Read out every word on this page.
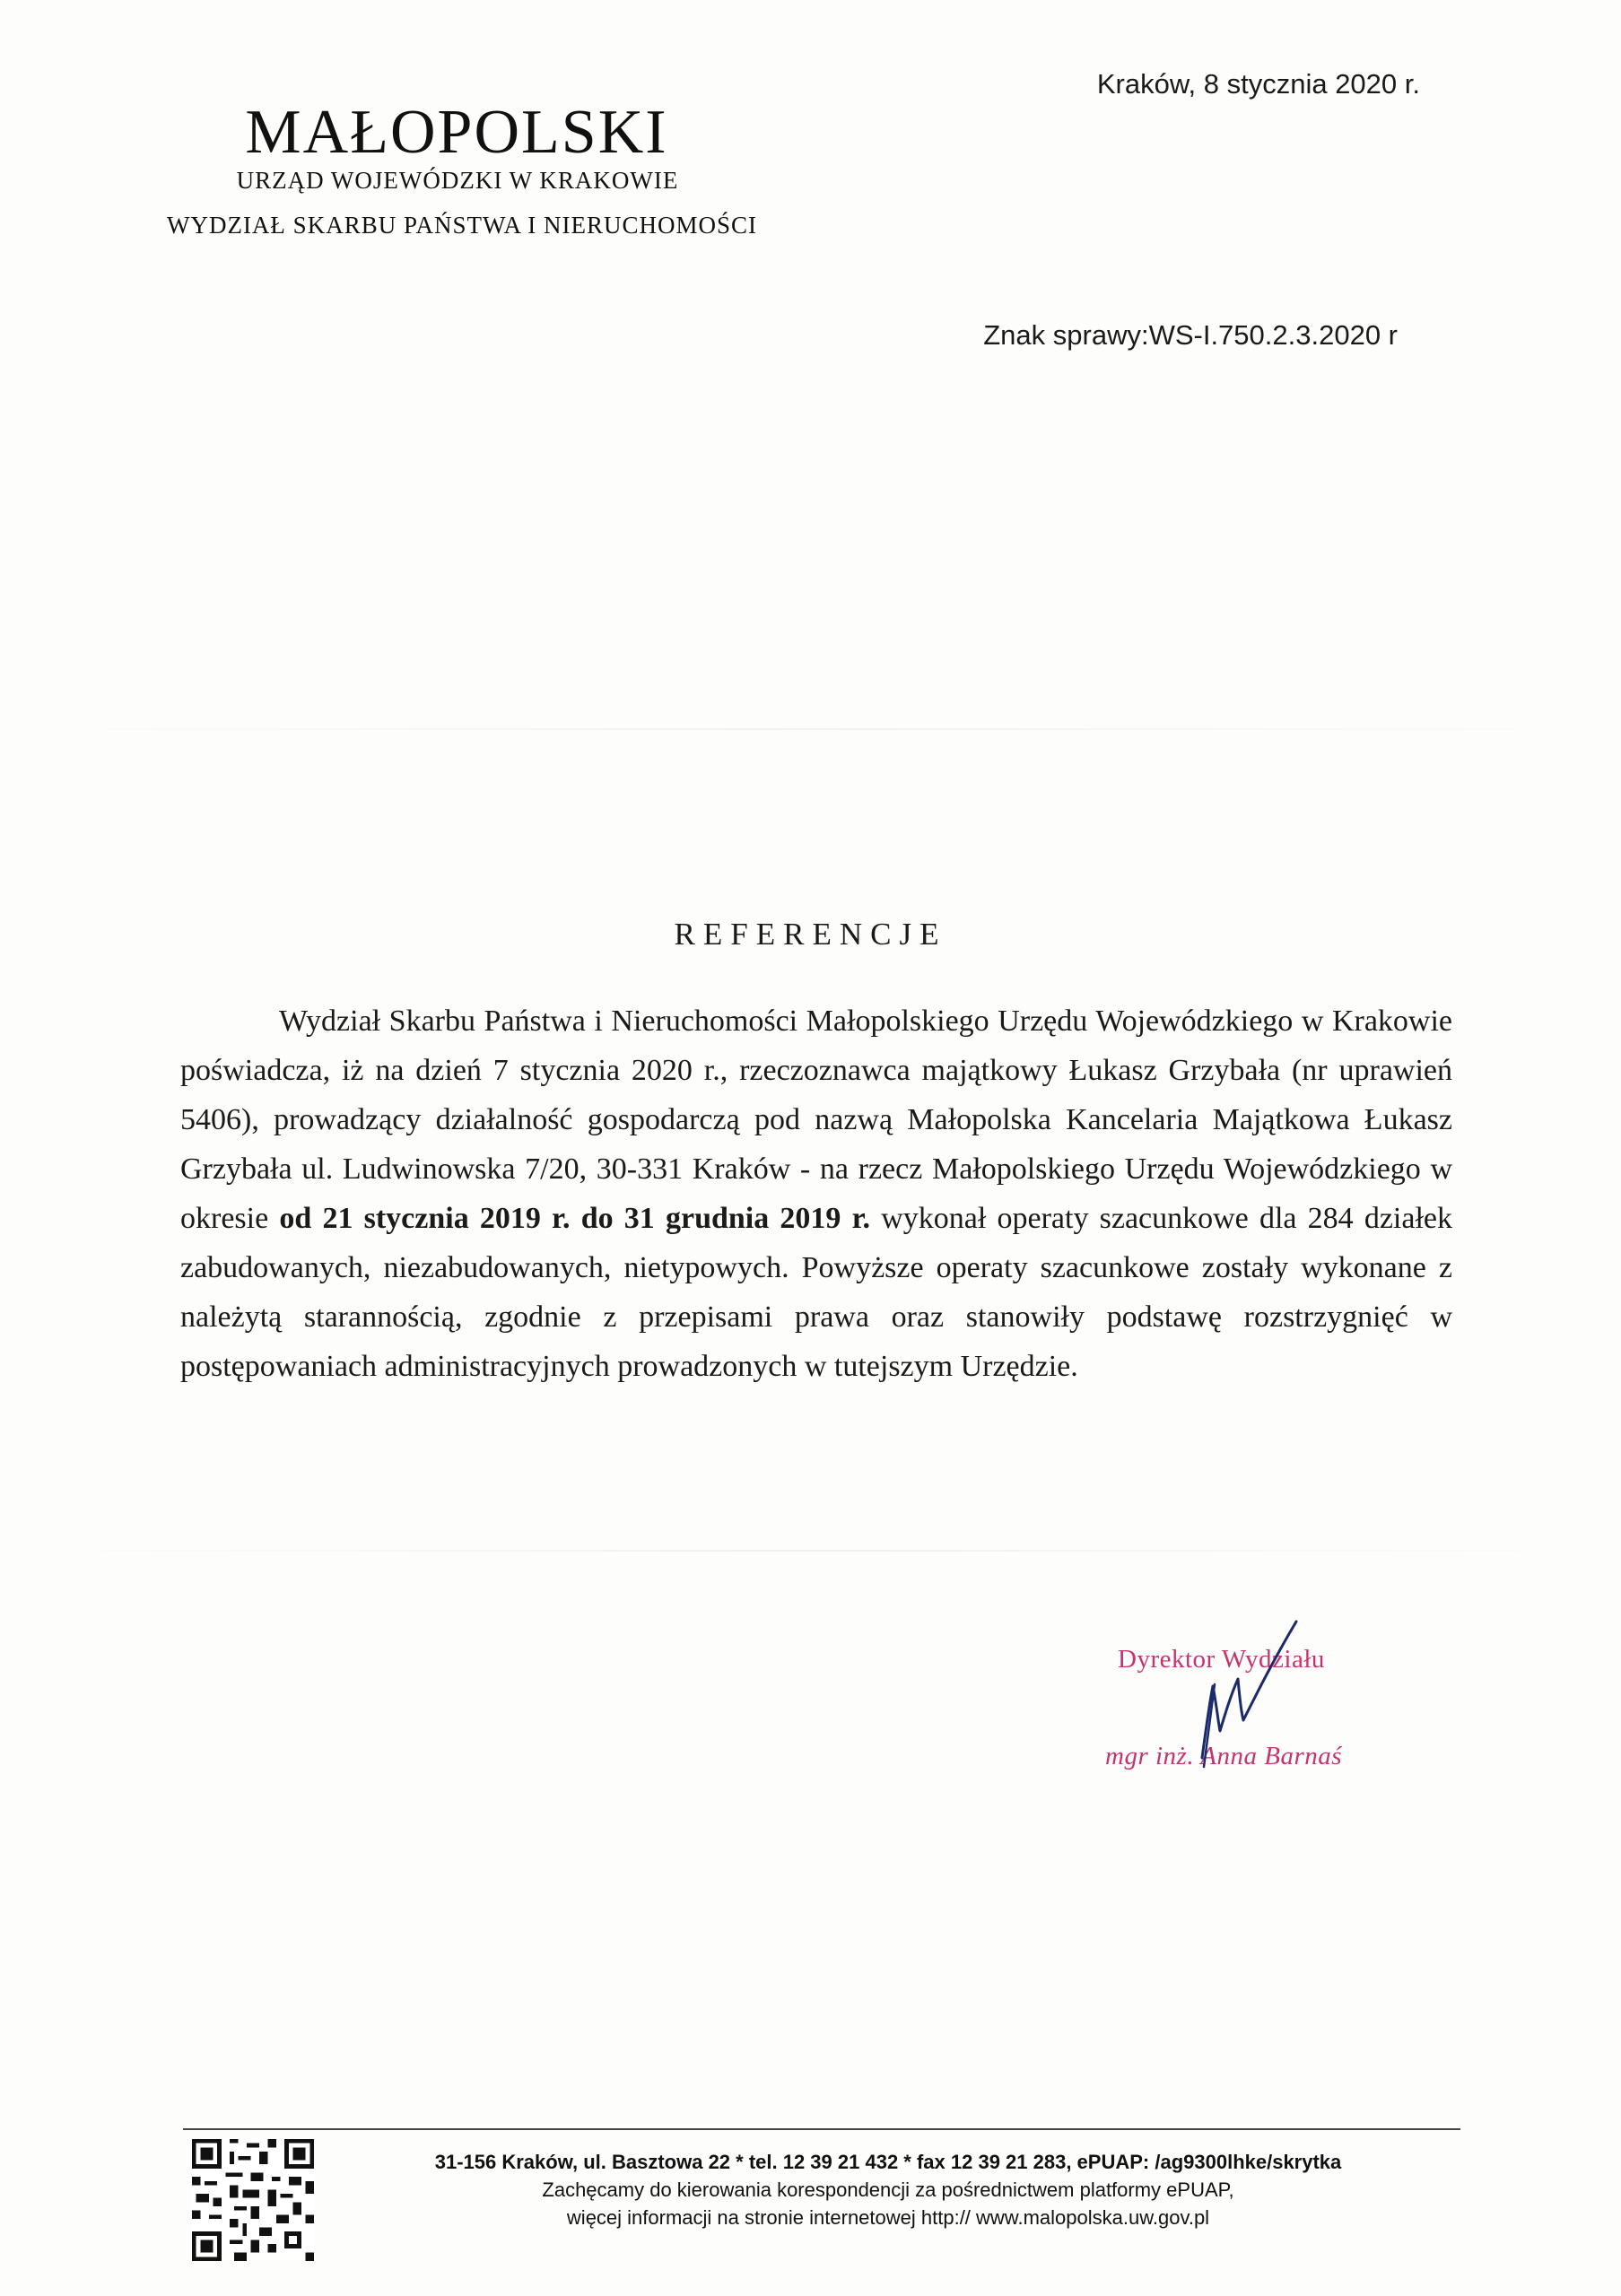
MAŁOPOLSKI
URZĄD WOJEWÓDZKI W KRAKOWIE
WYDZIAŁ SKARBU PAŃSTWA I NIERUCHOMOŚCI
Kraków, 8 stycznia 2020 r.
Znak sprawy:WS-I.750.2.3.2020 r
REFERENCJE
Wydział Skarbu Państwa i Nieruchomości Małopolskiego Urzędu Wojewódzkiego w Krakowie poświadcza, iż na dzień 7 stycznia 2020 r., rzeczoznawca majątkowy Łukasz Grzybała (nr uprawień 5406), prowadzący działalność gospodarczą pod nazwą Małopolska Kancelaria Majątkowa Łukasz Grzybała ul. Ludwinowska 7/20, 30-331 Kraków - na rzecz Małopolskiego Urzędu Wojewódzkiego w okresie od 21 stycznia 2019 r. do 31 grudnia 2019 r. wykonał operaty szacunkowe dla 284 działek zabudowanych, niezabudowanych, nietypowych. Powyższe operaty szacunkowe zostały wykonane z należytą starannością, zgodnie z przepisami prawa oraz stanowiły podstawę rozstrzygnięć w postępowaniach administracyjnych prowadzonych w tutejszym Urzędzie.
Dyrektor Wydziału
mgr inż. Anna Barnaś
31-156 Kraków, ul. Basztowa 22 * tel. 12 39 21 432 * fax 12 39 21 283, ePUAP: /ag9300lhke/skrytka
Zachęcamy do kierowania korespondencji za pośrednictwem platformy ePUAP,
więcej informacji na stronie internetowej http:// www.malopolska.uw.gov.pl
